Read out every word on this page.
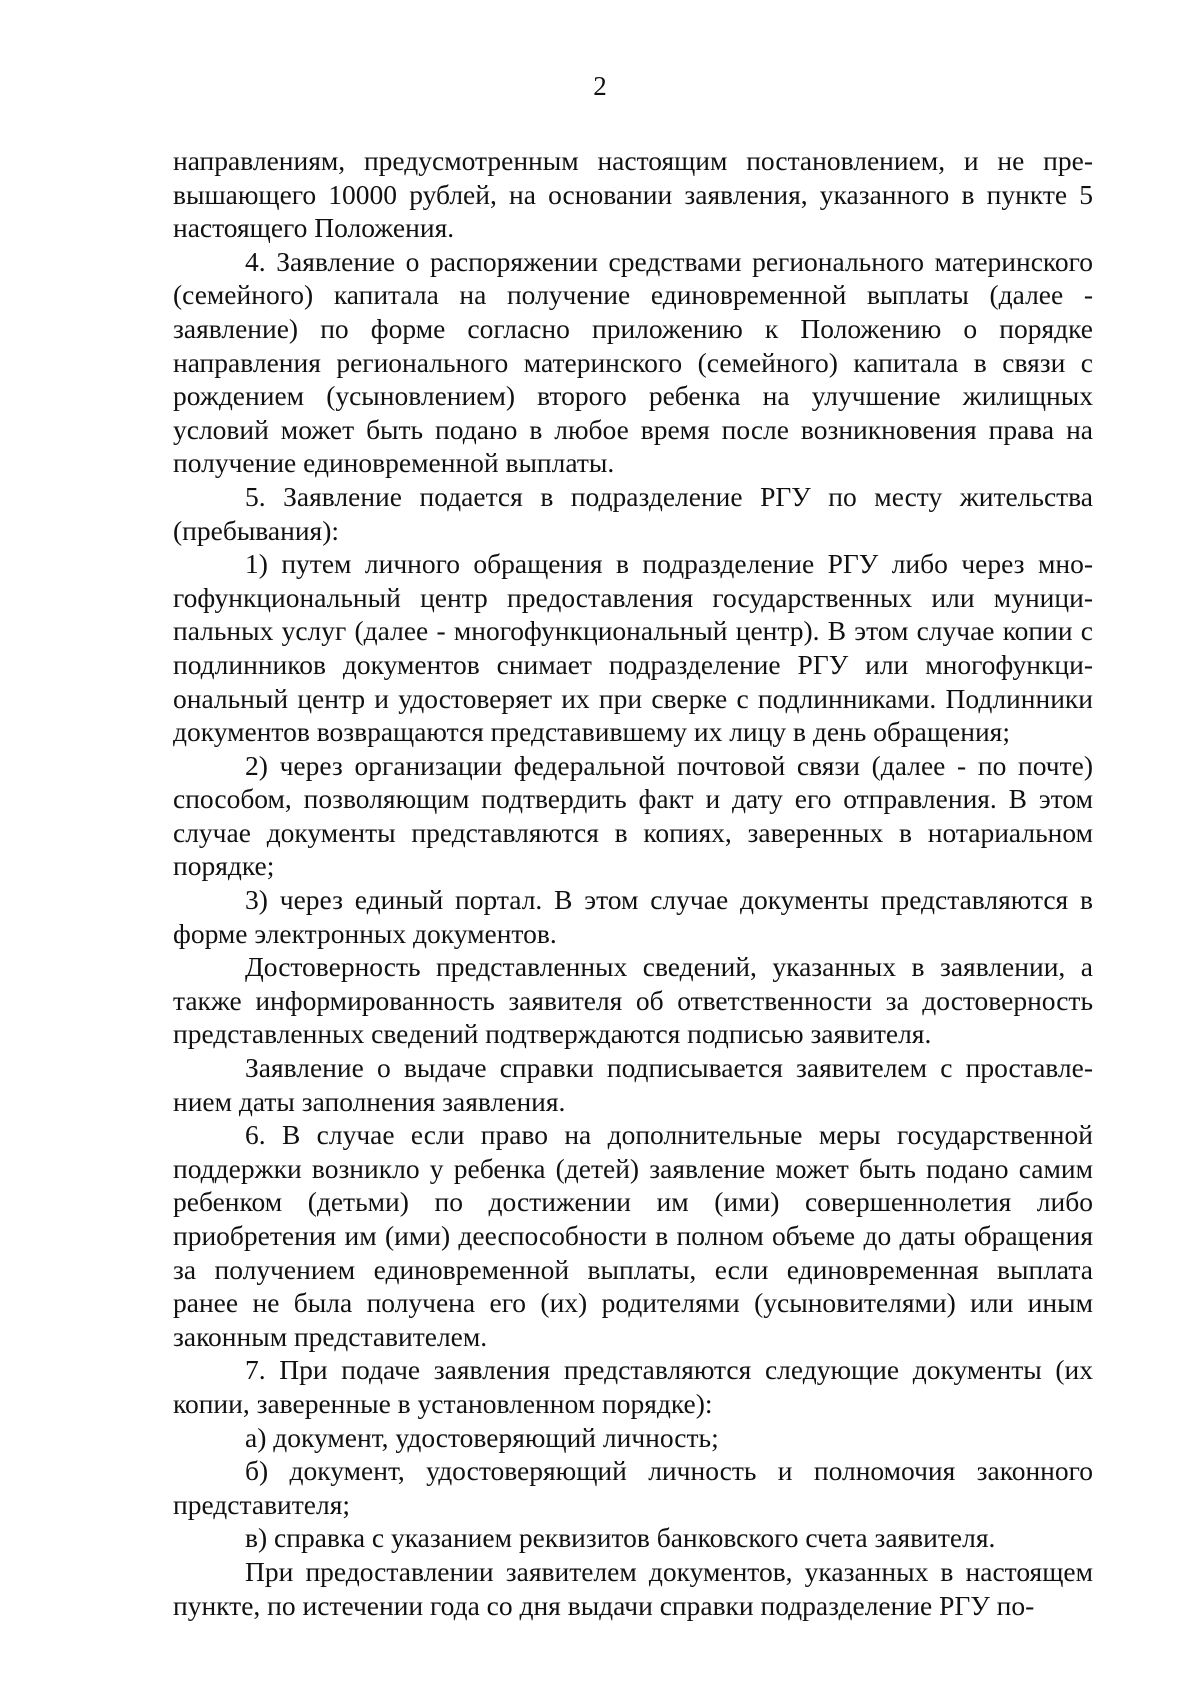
2

направлениям, предусмотренным настоящим постановлением, и не превышающего 10000 рублей, на основании заявления, указанного в пункте 5 настоящего Положения.

4. Заявление о распоряжении средствами регионального материнского (семейного) капитала на получение единовременной выплаты (далее - заявление) по форме согласно приложению к Положению о порядке направления регионального материнского (семейного) капитала в связи с рождением (усыновлением) второго ребенка на улучшение жилищных условий может быть подано в любое время после возникновения права на получение единовременной выплаты.

5. Заявление подается в подразделение РГУ по месту жительства (пребывания):

1) путем личного обращения в подразделение РГУ либо через многофункциональный центр предоставления государственных или муниципальных услуг (далее - многофункциональный центр). В этом случае копии с подлинников документов снимает подразделение РГУ или многофункциональный центр и удостоверяет их при сверке с подлинниками. Подлинники документов возвращаются представившему их лицу в день обращения;

2) через организации федеральной почтовой связи (далее - по почте) способом, позволяющим подтвердить факт и дату его отправления. В этом случае документы представляются в копиях, заверенных в нотариальном порядке;

3) через единый портал. В этом случае документы представляются в форме электронных документов.

Достоверность представленных сведений, указанных в заявлении, а также информированность заявителя об ответственности за достоверность представленных сведений подтверждаются подписью заявителя.

Заявление о выдаче справки подписывается заявителем с проставлением даты заполнения заявления.

6. В случае если право на дополнительные меры государственной поддержки возникло у ребенка (детей) заявление может быть подано самим ребенком (детьми) по достижении им (ими) совершеннолетия либо приобретения им (ими) дееспособности в полном объеме до даты обращения за получением единовременной выплаты, если единовременная выплата ранее не была получена его (их) родителями (усыновителями) или иным законным представителем.

7. При подаче заявления представляются следующие документы (их копии, заверенные в установленном порядке):

а) документ, удостоверяющий личность;

б) документ, удостоверяющий личность и полномочия законного представителя;

в) справка с указанием реквизитов банковского счета заявителя.

При предоставлении заявителем документов, указанных в настоящем пункте, по истечении года со дня выдачи справки подразделение РГУ по-
